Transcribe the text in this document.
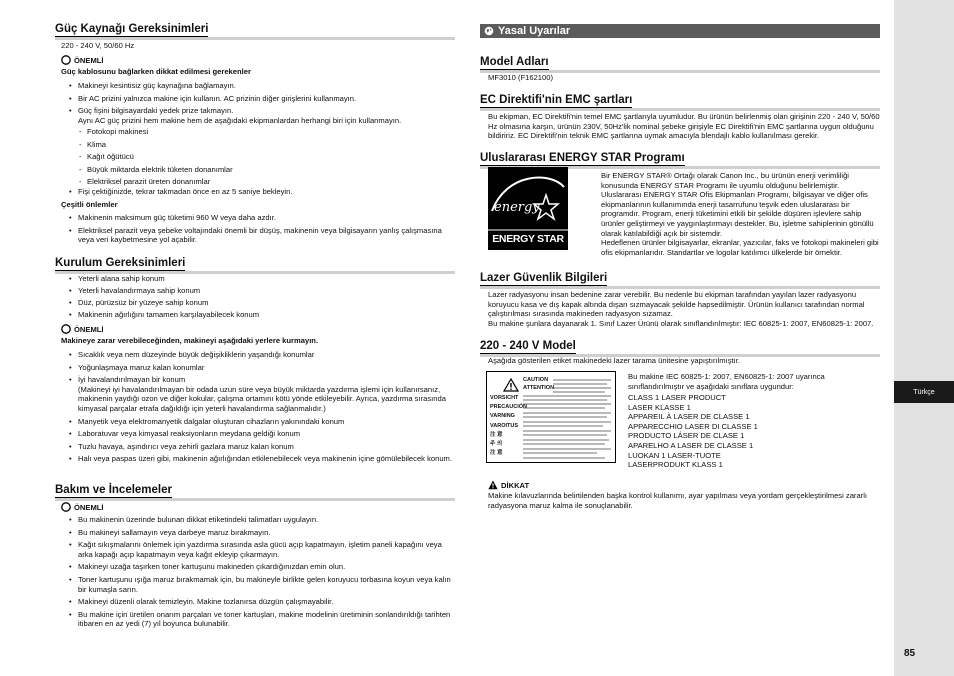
Güç Kaynağı Gereksinimleri
220 - 240 V, 50/60 Hz
ÖNEMLİ
Güç kablosunu bağlarken dikkat edilmesi gerekenler
• Makineyi kesintisiz güç kaynağına bağlamayın.
• Bir AC prizini yalnızca makine için kullanın. AC prizinin diğer girişlerini kullanmayın.
• Güç fişini bilgisayardaki yedek prize takmayın.
Aynı AC güç prizini hem makine hem de aşağıdaki ekipmanlardan herhangi biri için kullanmayın.
- Fotokopi makinesi
- Klima
- Kağıt öğütücü
- Büyük miktarda elektrik tüketen donanımlar
- Elektriksel parazit üreten donanımlar
• Fişi çektiğinizde, tekrar takmadan önce en az 5 saniye bekleyin.
Çeşitli önlemler
• Makinenin maksimum güç tüketimi 960 W veya daha azdır.
• Elektriksel parazit veya şebeke voltajındaki önemli bir düşüş, makinenin veya bilgisayarın yanlış çalışmasına veya veri kaybetmesine yol açabilir.
Kurulum Gereksinimleri
• Yeterli alana sahip konum
• Yeterli havalandırmaya sahip konum
• Düz, pürüzsüz bir yüzeye sahip konum
• Makinenin ağırlığını tamamen karşılayabilecek konum
ÖNEMLİ
Makineye zarar verebileceğinden, makineyi aşağıdaki yerlere kurmayın.
• Sıcaklık veya nem düzeyinde büyük değişikliklerin yaşandığı konumlar
• Yoğunlaşmaya maruz kalan konumlar
• İyi havalandırılmayan bir konum
(Makineyi iyi havalandırılmayan bir odada uzun süre veya büyük miktarda yazdırma işlemi için kullanırsanız, makinenin yaydığı ozon ve diğer kokular, çalışma ortamını kötü yönde etkileyebilir. Ayrıca, yazdırma sırasında kimyasal parçalar etrafa dağıldığı için yeterli havalandırma sağlanmalıdır.)
• Manyetik veya elektromanyetik dalgalar oluşturan cihazların yakınındaki konum
• Laboratuvar veya kimyasal reaksiyonların meydana geldiği konum
• Tuzlu havaya, aşındırıcı veya zehirli gazlara maruz kalan konum
• Halı veya paspas üzeri gibi, makinenin ağırlığından etkilenebilecek veya makinenin içine gömülebilecek konum.
Bakım ve İncelemeler
ÖNEMLİ
• Bu makinenin üzerinde bulunan dikkat etiketindeki talimatları uygulayın.
• Bu makineyi sallamayın veya darbeye maruz bırakmayın.
• Kağıt sıkışmalarını önlemek için yazdırma sırasında asla gücü açıp kapatmayın, işletim paneli kapağını veya arka kapağı açıp kapatmayın veya kağıt ekleyip çıkarmayın.
• Makineyi uzağa taşırken toner kartuşunu makineden çıkardığınızdan emin olun.
• Toner kartuşunu ışığa maruz bırakmamak için, bu makineyle birlikte gelen koruyucu torbasına koyun veya kalın bir kumaşla sarın.
• Makineyi düzenli olarak temizleyin. Makine tozlanırsa düzgün çalışmayabilir.
• Bu makine için üretilen onarım parçaları ve toner kartuşları, makine modelinin üretiminin sonlandırıldığı tarihten itibaren en az yedi (7) yıl boyunca bulunabilir.
Yasal Uyarılar
Model Adları
MF3010 (F162100)
EC Direktifi'nin EMC şartları
Bu ekipman, EC Direktifi'nin temel EMC şartlarıyla uyumludur. Bu ürünün belirlenmiş olan girişinin 220 - 240 V, 50/60 Hz olmasına karşın, ürünün 230V, 50Hz'lik nominal şebeke girişiyle EC Direktifi'nin EMC şartlarına uygun olduğunu bildiririz. EC Direktifi'nin teknik EMC şartlarına uymak amacıyla blendajlı kablo kullanılması gerekir.
Uluslararası ENERGY STAR Programı
energy
ENERGY STAR
Bir ENERGY STAR® Ortağı olarak Canon Inc., bu ürünün enerji verimliliği konusunda ENERGY STAR Programı ile uyumlu olduğunu belirlemiştir.
Uluslararası ENERGY STAR Ofis Ekipmanları Programı, bilgisayar ve diğer ofis ekipmanlarının kullanımında enerji tasarrufunu teşvik eden uluslararası bir programdır. Program, enerji tüketimini etkili bir şekilde düşüren işlevlere sahip ürünler geliştirmeyi ve yaygınlaştırmayı destekler. Bu, işletme sahiplerinin gönüllü olarak katılabildiği açık bir sistemdir.
Hedeflenen ürünler bilgisayarlar, ekranlar, yazıcılar, faks ve fotokopi makineleri gibi ofis ekipmanlarıdır. Standartlar ve logolar katılımcı ülkelerde bir örnektir.
Lazer Güvenlik Bilgileri
Lazer radyasyonu insan bedenine zarar verebilir. Bu nedenle bu ekipman tarafından yayılan lazer radyasyonu koruyucu kasa ve dış kapak altında dışarı sızmayacak şekilde hapsedilmiştir. Ürünün kullanıcı tarafından normal çalıştırılması sırasında makineden radyasyon sızamaz.
Bu makine şunlara dayanarak 1. Sınıf Lazer Ürünü olarak sınıflandırılmıştır: IEC 60825-1: 2007, EN60825-1: 2007.
220 - 240 V Model
Aşağıda gösterilen etiket makinedeki lazer tarama ünitesine yapıştırılmıştır.
VORSICHT
PRECAUCIÓN
VARNING
VAROITUS
注 意
주 의
注 意
CAUTION
ATTENTION
Bu makine IEC 60825-1: 2007, EN60825-1: 2007 uyarınca sınıflandırılmıştır ve aşağıdaki sınıflara uygundur:
CLASS 1 LASER PRODUCT
LASER KLASSE 1
APPAREIL À LASER DE CLASSE 1
APPARECCHIO LASER DI CLASSE 1
PRODUCTO LÁSER DE CLASE 1
APARELHO A LASER DE CLASSE 1
LUOKAN 1 LASER-TUOTE
LASERPRODUKT KLASS 1
DİKKAT
Makine kılavuzlarında belirtilenden başka kontrol kullanımı, ayar yapılması veya yordam gerçekleştirilmesi zararlı radyasyona maruz kalma ile sonuçlanabilir.
Türkçe
85
